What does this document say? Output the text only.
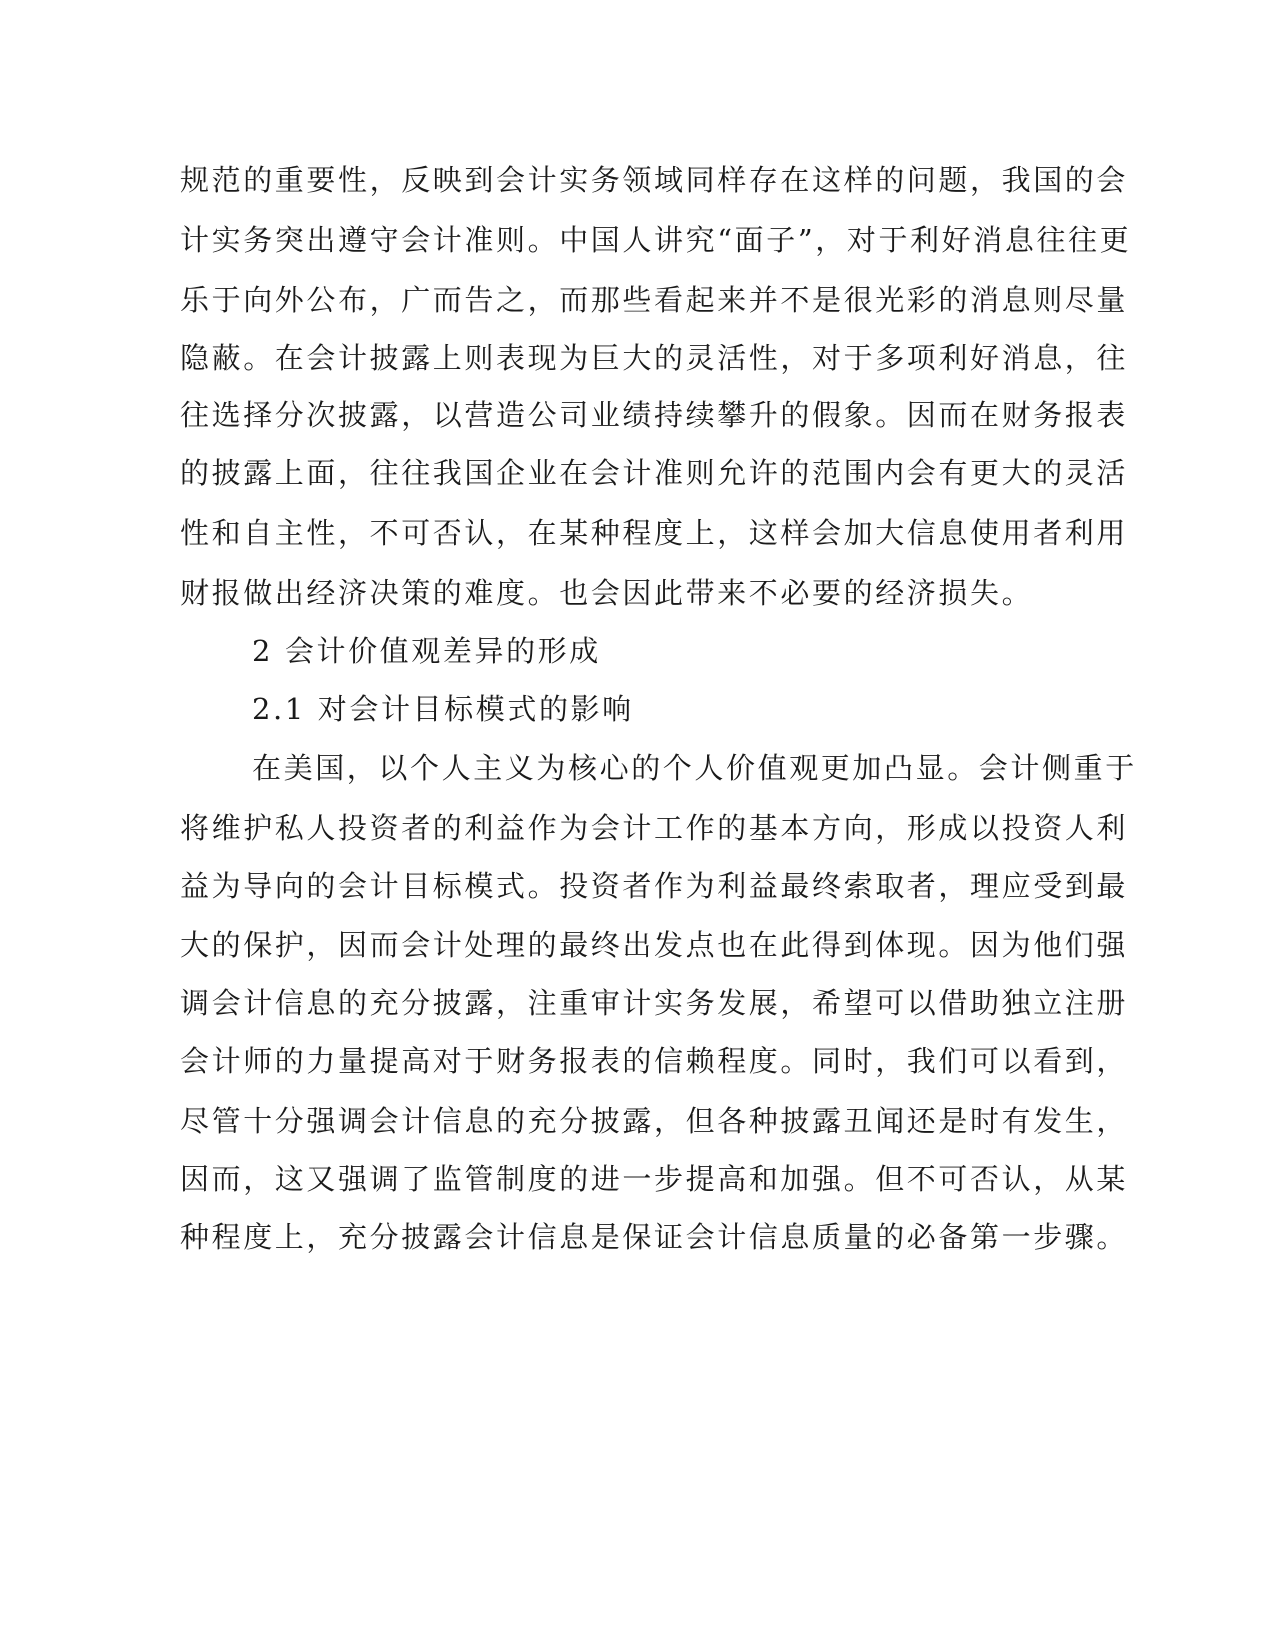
规范的重要性，反映到会计实务领域同样存在这样的问题，我国的会
计实务突出遵守会计准则。中国人讲究“面子”，对于利好消息往往更
乐于向外公布，广而告之，而那些看起来并不是很光彩的消息则尽量
隐蔽。在会计披露上则表现为巨大的灵活性，对于多项利好消息，往
往选择分次披露，以营造公司业绩持续攀升的假象。因而在财务报表
的披露上面，往往我国企业在会计准则允许的范围内会有更大的灵活
性和自主性，不可否认，在某种程度上，这样会加大信息使用者利用
财报做出经济决策的难度。也会因此带来不必要的经济损失。
2 会计价值观差异的形成
2.1 对会计目标模式的影响
在美国，以个人主义为核心的个人价值观更加凸显。会计侧重于
将维护私人投资者的利益作为会计工作的基本方向，形成以投资人利
益为导向的会计目标模式。投资者作为利益最终索取者，理应受到最
大的保护，因而会计处理的最终出发点也在此得到体现。因为他们强
调会计信息的充分披露，注重审计实务发展，希望可以借助独立注册
会计师的力量提高对于财务报表的信赖程度。同时，我们可以看到，
尽管十分强调会计信息的充分披露，但各种披露丑闻还是时有发生，
因而，这又强调了监管制度的进一步提高和加强。但不可否认，从某
种程度上，充分披露会计信息是保证会计信息质量的必备第一步骤。
